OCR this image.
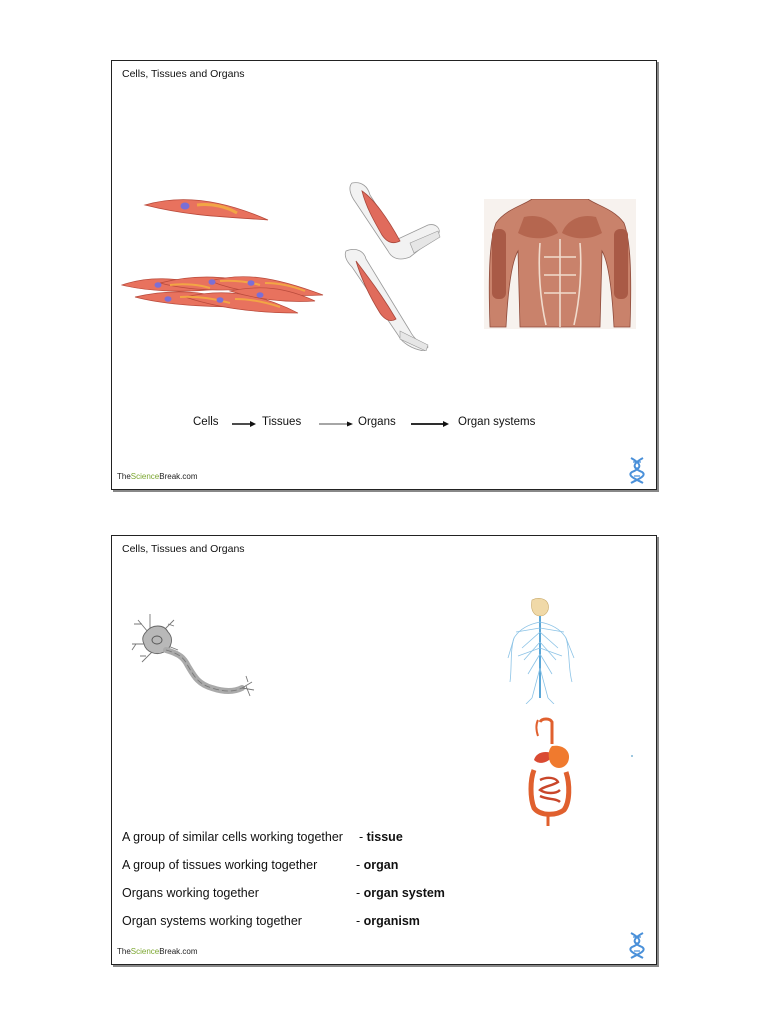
Cells, Tissues and Organs
Cells	Tissues	Organs	Organ systems
TheScienceBreak.com
Cells, Tissues and Organs
A group of similar cells working together - tissue
A group of tissues working together	- organ
Organs working together	- organ system
Organ systems working together	- organism
TheScienceBreak.com
